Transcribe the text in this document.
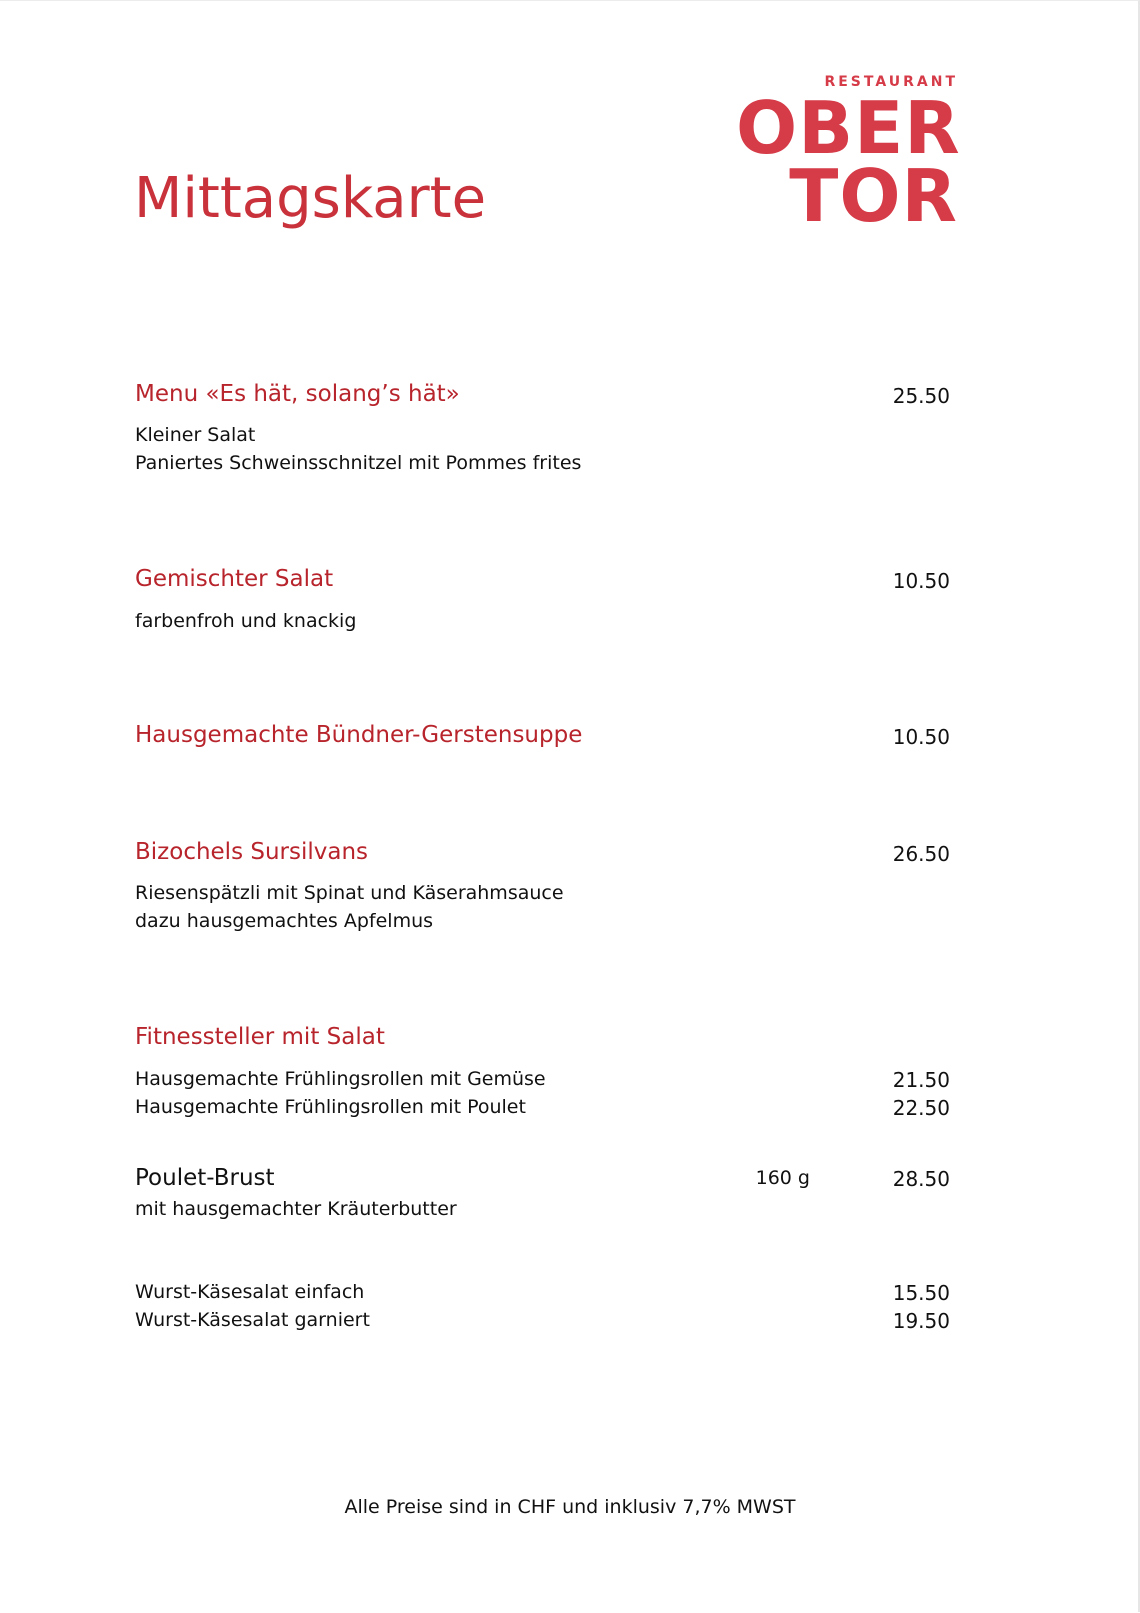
Mittagskarte
RESTAURANT
OBER
TOR
Menu «Es hät, solang’s hät»	25.50
Kleiner Salat
Paniertes Schweinsschnitzel mit Pommes frites
Gemischter Salat	10.50
farbenfroh und knackig
Hausgemachte Bündner-Gerstensuppe	10.50
Bizochels Sursilvans	26.50
Riesenspätzli mit Spinat und Käserahmsauce
dazu hausgemachtes Apfelmus
Fitnessteller mit Salat
Hausgemachte Frühlingsrollen mit Gemüse	21.50
Hausgemachte Frühlingsrollen mit Poulet	22.50
Poulet-Brust	160 g	28.50
mit hausgemachter Kräuterbutter
Wurst-Käsesalat einfach	15.50
Wurst-Käsesalat garniert	19.50
Alle Preise sind in CHF und inklusiv 7,7% MWST
